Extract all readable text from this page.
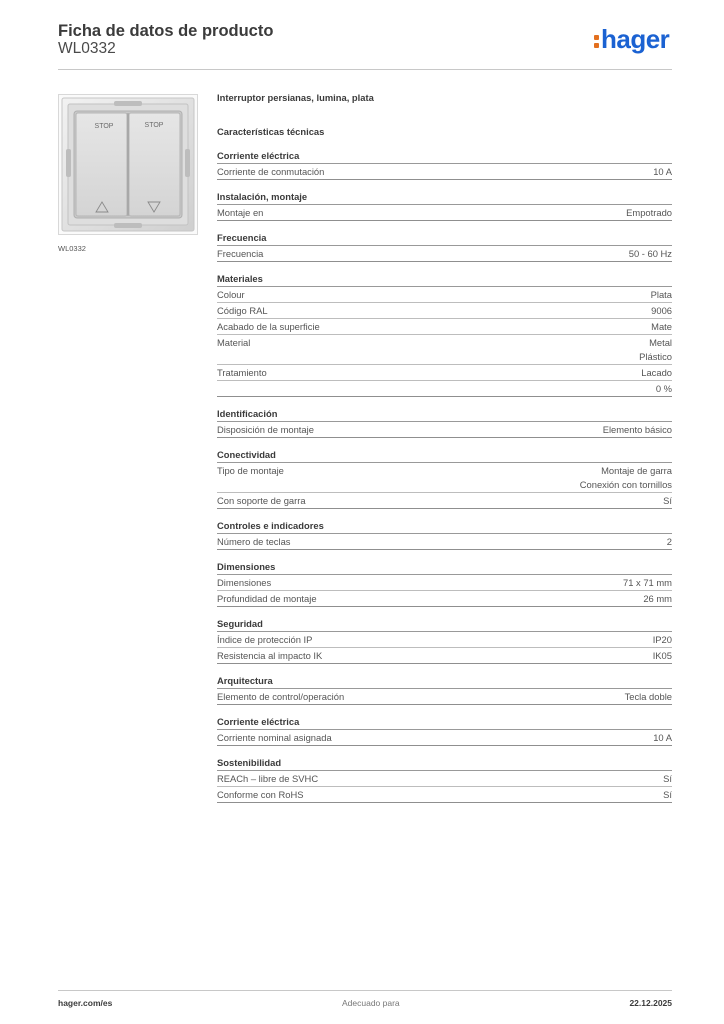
Ficha de datos de producto
WL0332	hager
STOP	STOP
WL0332
Interruptor persianas, lumina, plata
Características técnicas
Corriente eléctrica
Corriente de conmutación	10 A
Instalación, montaje
Montaje en	Empotrado
Frecuencia
Frecuencia	50 - 60 Hz
Materiales
Colour	Plata
Código RAL	9006
Acabado de la superficie	Mate
Material	Metal
Plástico
Tratamiento	Lacado
0 %
Identificación
Disposición de montaje	Elemento básico
Conectividad
Tipo de montaje	Montaje de garra
Conexión con tornillos
Con soporte de garra	Sí
Controles e indicadores
Número de teclas	2
Dimensiones
Dimensiones	71 x 71 mm
Profundidad de montaje	26 mm
Seguridad
Índice de protección IP	IP20
Resistencia al impacto IK	IK05
Arquitectura
Elemento de control/operación	Tecla doble
Corriente eléctrica
Corriente nominal asignada	10 A
Sostenibilidad
REACh – libre de SVHC	Sí
Conforme con RoHS	Sí
hager.com/es	Adecuado para	22.12.2025
